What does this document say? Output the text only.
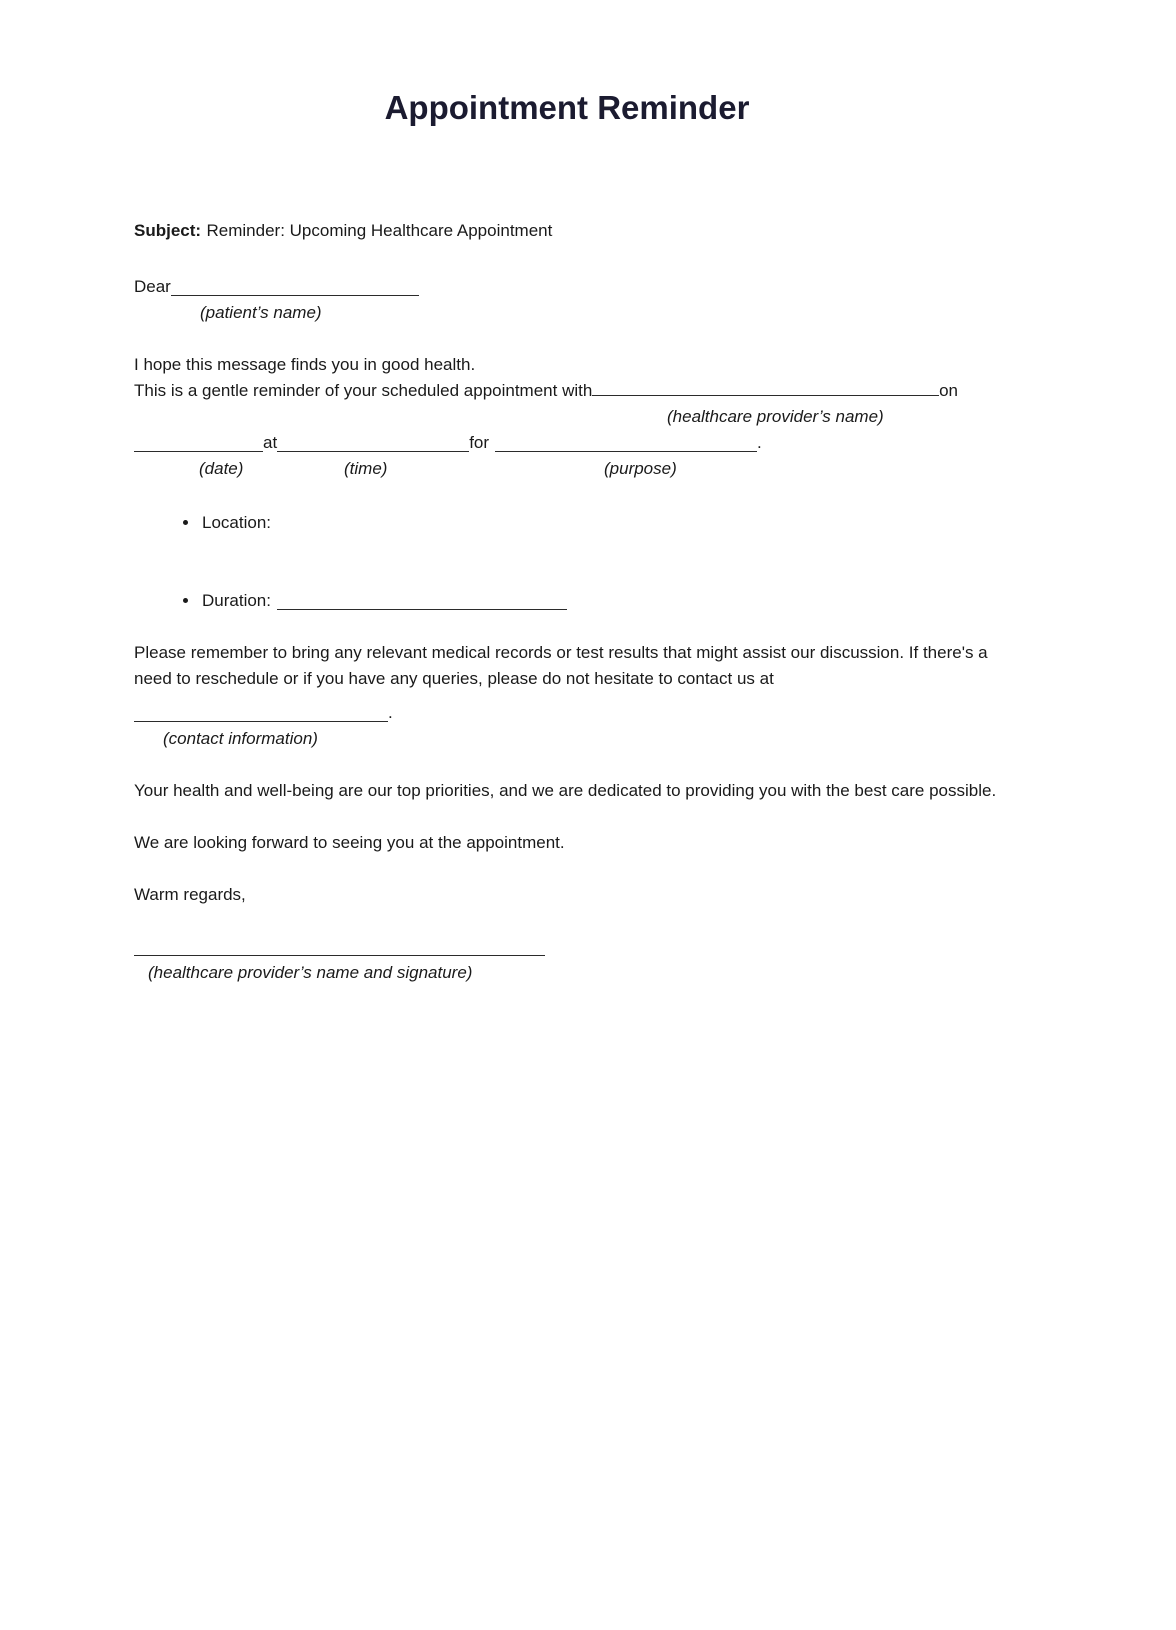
Appointment Reminder

Subject: Reminder: Upcoming Healthcare Appointment

Dear

(patient’s name)

I hope this message finds you in good health.

This is a gentle reminder of your scheduled appointment with	on

(healthcare provider’s name)

at	for	.
(date)	(time)	(purpose)
• Location:
• Duration:

Please remember to bring any relevant medical records or test results that might assist our discussion. If there's a need to reschedule or if you have any queries, please do not hesitate to contact us at

.

(contact information)

Your health and well-being are our top priorities, and we are dedicated to providing you with the best care possible.

We are looking forward to seeing you at the appointment.

Warm regards,

(healthcare provider’s name and signature)
